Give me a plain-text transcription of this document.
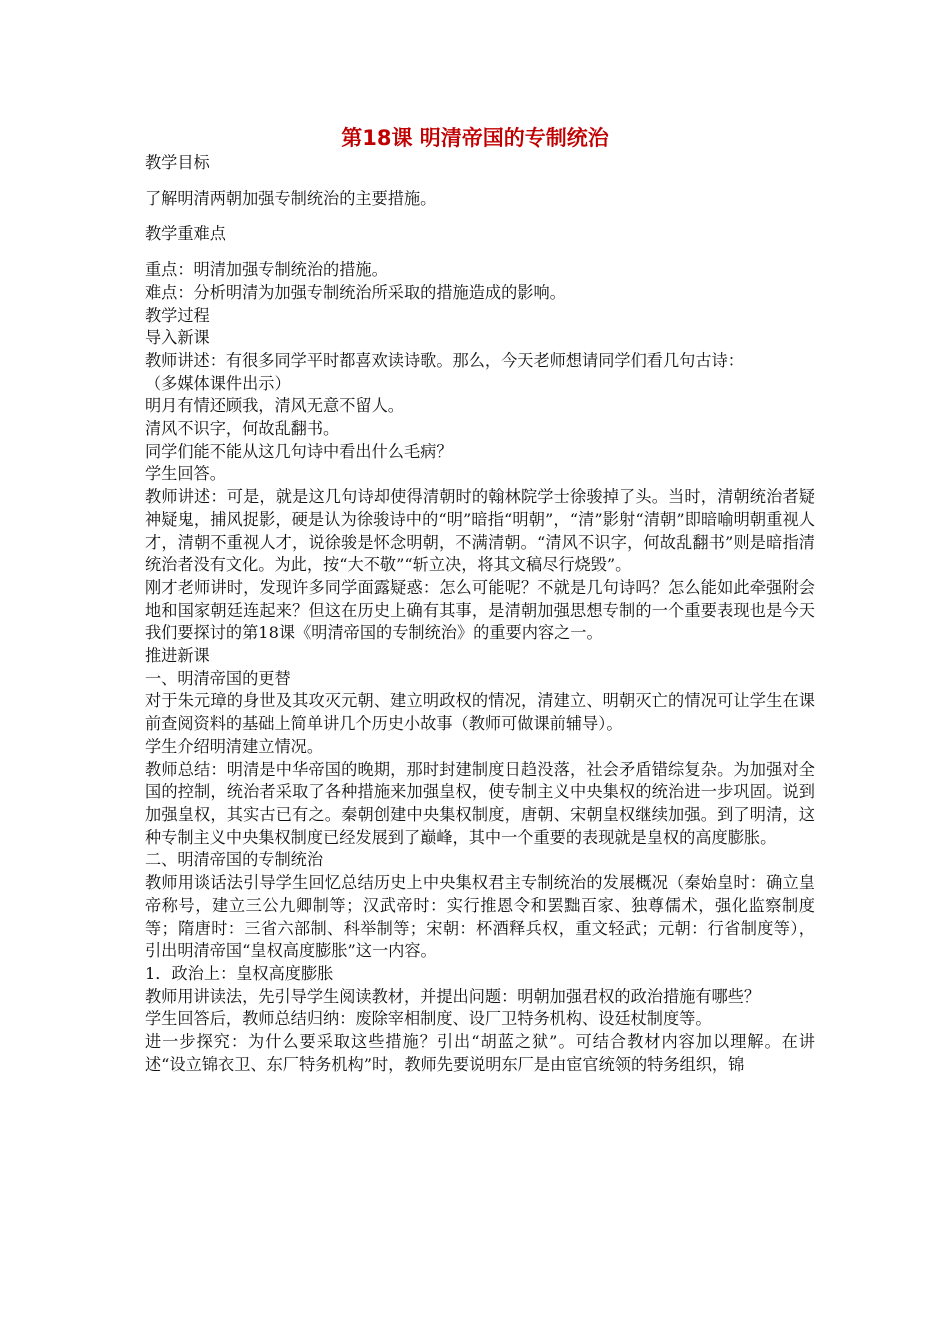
第18课 明清帝国的专制统治

教学目标

了解明清两朝加强专制统治的主要措施。

教学重难点

重点：明清加强专制统治的措施。

难点：分析明清为加强专制统治所采取的措施造成的影响。

教学过程

导入新课

教师讲述：有很多同学平时都喜欢读诗歌。那么，今天老师想请同学们看几句古诗：

（多媒体课件出示）

明月有情还顾我，清风无意不留人。

清风不识字，何故乱翻书。

同学们能不能从这几句诗中看出什么毛病？

学生回答。

教师讲述：可是，就是这几句诗却使得清朝时的翰林院学士徐骏掉了头。当时，清朝统治者疑神疑鬼，捕风捉影，硬是认为徐骏诗中的“明”暗指“明朝”，“清”影射“清朝”即暗喻明朝重视人才，清朝不重视人才，说徐骏是怀念明朝，不满清朝。“清风不识字，何故乱翻书”则是暗指清统治者没有文化。为此，按“大不敬”“斩立决，将其文稿尽行烧毁”。

刚才老师讲时，发现许多同学面露疑惑：怎么可能呢？不就是几句诗吗？怎么能如此牵强附会地和国家朝廷连起来？但这在历史上确有其事，是清朝加强思想专制的一个重要表现也是今天我们要探讨的第18课《明清帝国的专制统治》的重要内容之一。

推进新课

一、明清帝国的更替

对于朱元璋的身世及其攻灭元朝、建立明政权的情况，清建立、明朝灭亡的情况可让学生在课前查阅资料的基础上简单讲几个历史小故事（教师可做课前辅导）。

学生介绍明清建立情况。

教师总结：明清是中华帝国的晚期，那时封建制度日趋没落，社会矛盾错综复杂。为加强对全国的控制，统治者采取了各种措施来加强皇权，使专制主义中央集权的统治进一步巩固。说到加强皇权，其实古已有之。秦朝创建中央集权制度，唐朝、宋朝皇权继续加强。到了明清，这种专制主义中央集权制度已经发展到了巅峰，其中一个重要的表现就是皇权的高度膨胀。

二、明清帝国的专制统治

教师用谈话法引导学生回忆总结历史上中央集权君主专制统治的发展概况（秦始皇时：确立皇帝称号，建立三公九卿制等；汉武帝时：实行推恩令和罢黜百家、独尊儒术，强化监察制度等；隋唐时：三省六部制、科举制等；宋朝：杯酒释兵权，重文轻武；元朝：行省制度等），引出明清帝国“皇权高度膨胀”这一内容。

1．政治上：皇权高度膨胀

教师用讲读法，先引导学生阅读教材，并提出问题：明朝加强君权的政治措施有哪些？

学生回答后，教师总结归纳：废除宰相制度、设厂卫特务机构、设廷杖制度等。

进一步探究：为什么要采取这些措施？引出“胡蓝之狱”。可结合教材内容加以理解。在讲述“设立锦衣卫、东厂特务机构”时，教师先要说明东厂是由宦官统领的特务组织，锦
